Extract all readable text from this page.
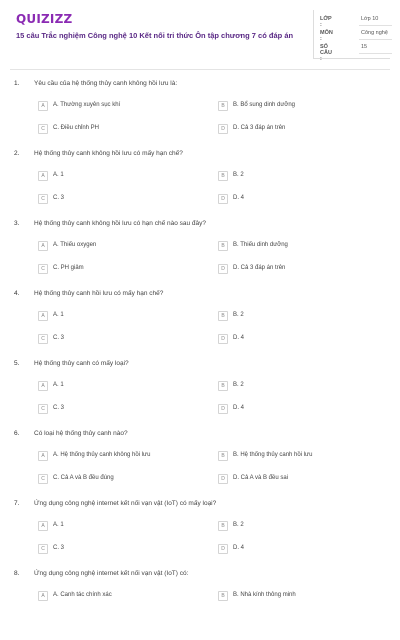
QUIZIZZ
15 câu Trắc nghiệm Công nghệ 10 Kết nối tri thức Ôn tập chương 7 có đáp án
LỚP :
Lớp 10
MÔN :
Công nghệ
SỐ CÂU :
15
1. Yêu cầu của hệ thống thủy canh không hồi lưu là:
A	A. Thường xuyên sục khí	B	B. Bổ sung dinh dưỡng
C	C. Điều chỉnh PH	D	D. Cả 3 đáp án trên
2. Hệ thống thủy canh không hồi lưu có mấy hạn chế?
A	A. 1	B	B. 2
C	C. 3	D	D. 4
3. Hệ thống thủy canh không hồi lưu có hạn chế nào sau đây?
A	A. Thiếu oxygen	B	B. Thiếu dinh dưỡng
C	C. PH giảm	D	D. Cả 3 đáp án trên
4. Hệ thống thủy canh hồi lưu có mấy hạn chế?
A	A. 1	B	B. 2
C	C. 3	D	D. 4
5. Hệ thống thủy canh có mấy loại?
A	A. 1	B	B. 2
C	C. 3	D	D. 4
6. Có loại hệ thống thủy canh nào?
A	A. Hệ thống thủy canh không hồi lưu	B	B. Hệ thống thủy canh hồi lưu
C	C. Cả A và B đều đúng	D	D. Cả A và B đều sai
7. Ứng dụng công nghệ internet kết nối vạn vật (IoT) có mấy loại?
A	A. 1	B	B. 2
C	C. 3	D	D. 4
8. Ứng dụng công nghệ internet kết nối vạn vật (IoT) có:
A	A. Canh tác chính xác	B	B. Nhà kính thông minh
